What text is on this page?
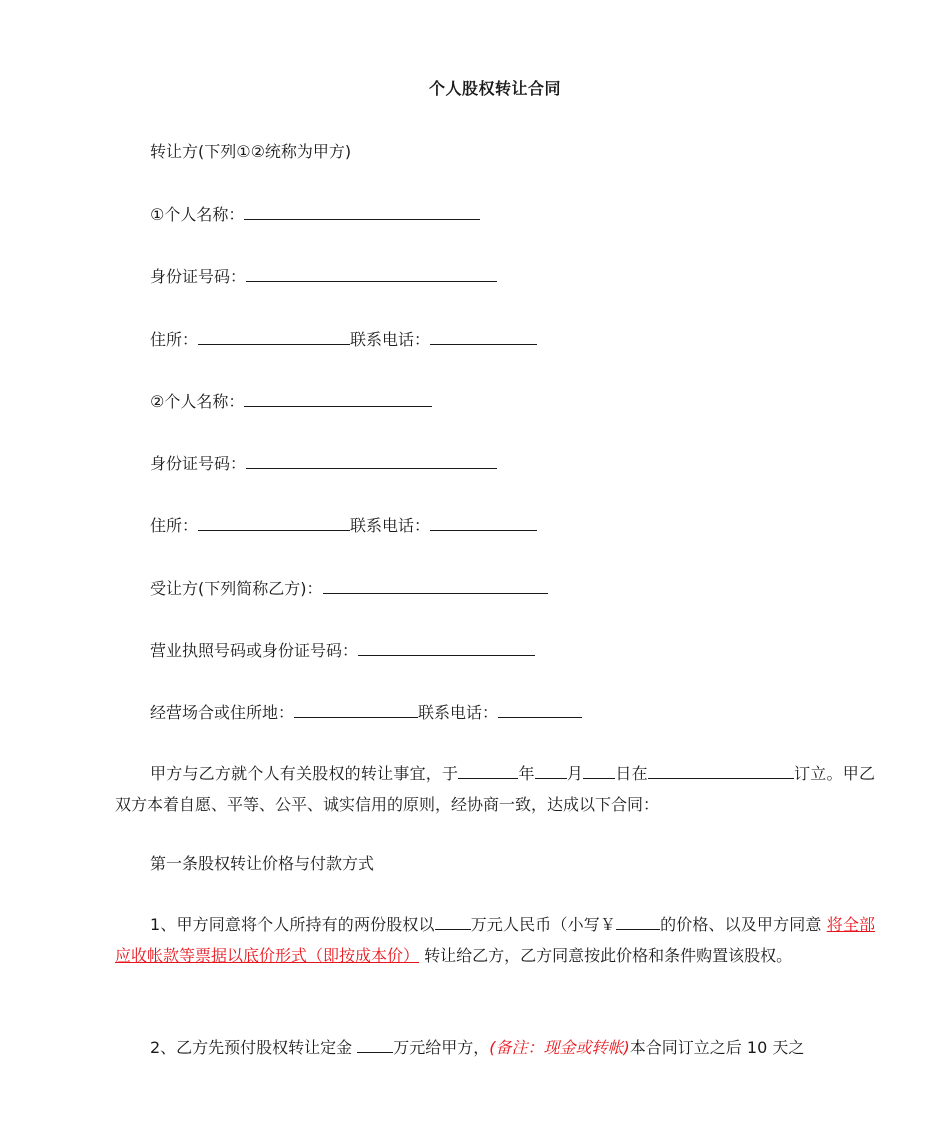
个人股权转让合同
转让方(下列①②统称为甲方)
①个人名称：
身份证号码：
住所：	联系电话：
②个人名称：
身份证号码：
住所：	联系电话：
受让方(下列简称乙方)：
营业执照号码或身份证号码：
经营场合或住所地：	联系电话：
甲方与乙方就个人有关股权的转让事宜，于	年 月 日在	订立。甲乙双方本着自愿、平等、公平、诚实信用的原则，经协商一致，达成以下合同：
第一条股权转让价格与付款方式
1、甲方同意将个人所持有的两份股权以 万元人民币（小写￥	的价格、以及甲方同意 将全部应收帐款等票据以底价形式（即按成本价） 转让给乙方，乙方同意按此价格和条件购置该股权。
2、乙方先预付股权转让定金 万元给甲方，(备注：现金或转帐)本合同订立之后 10 天之
